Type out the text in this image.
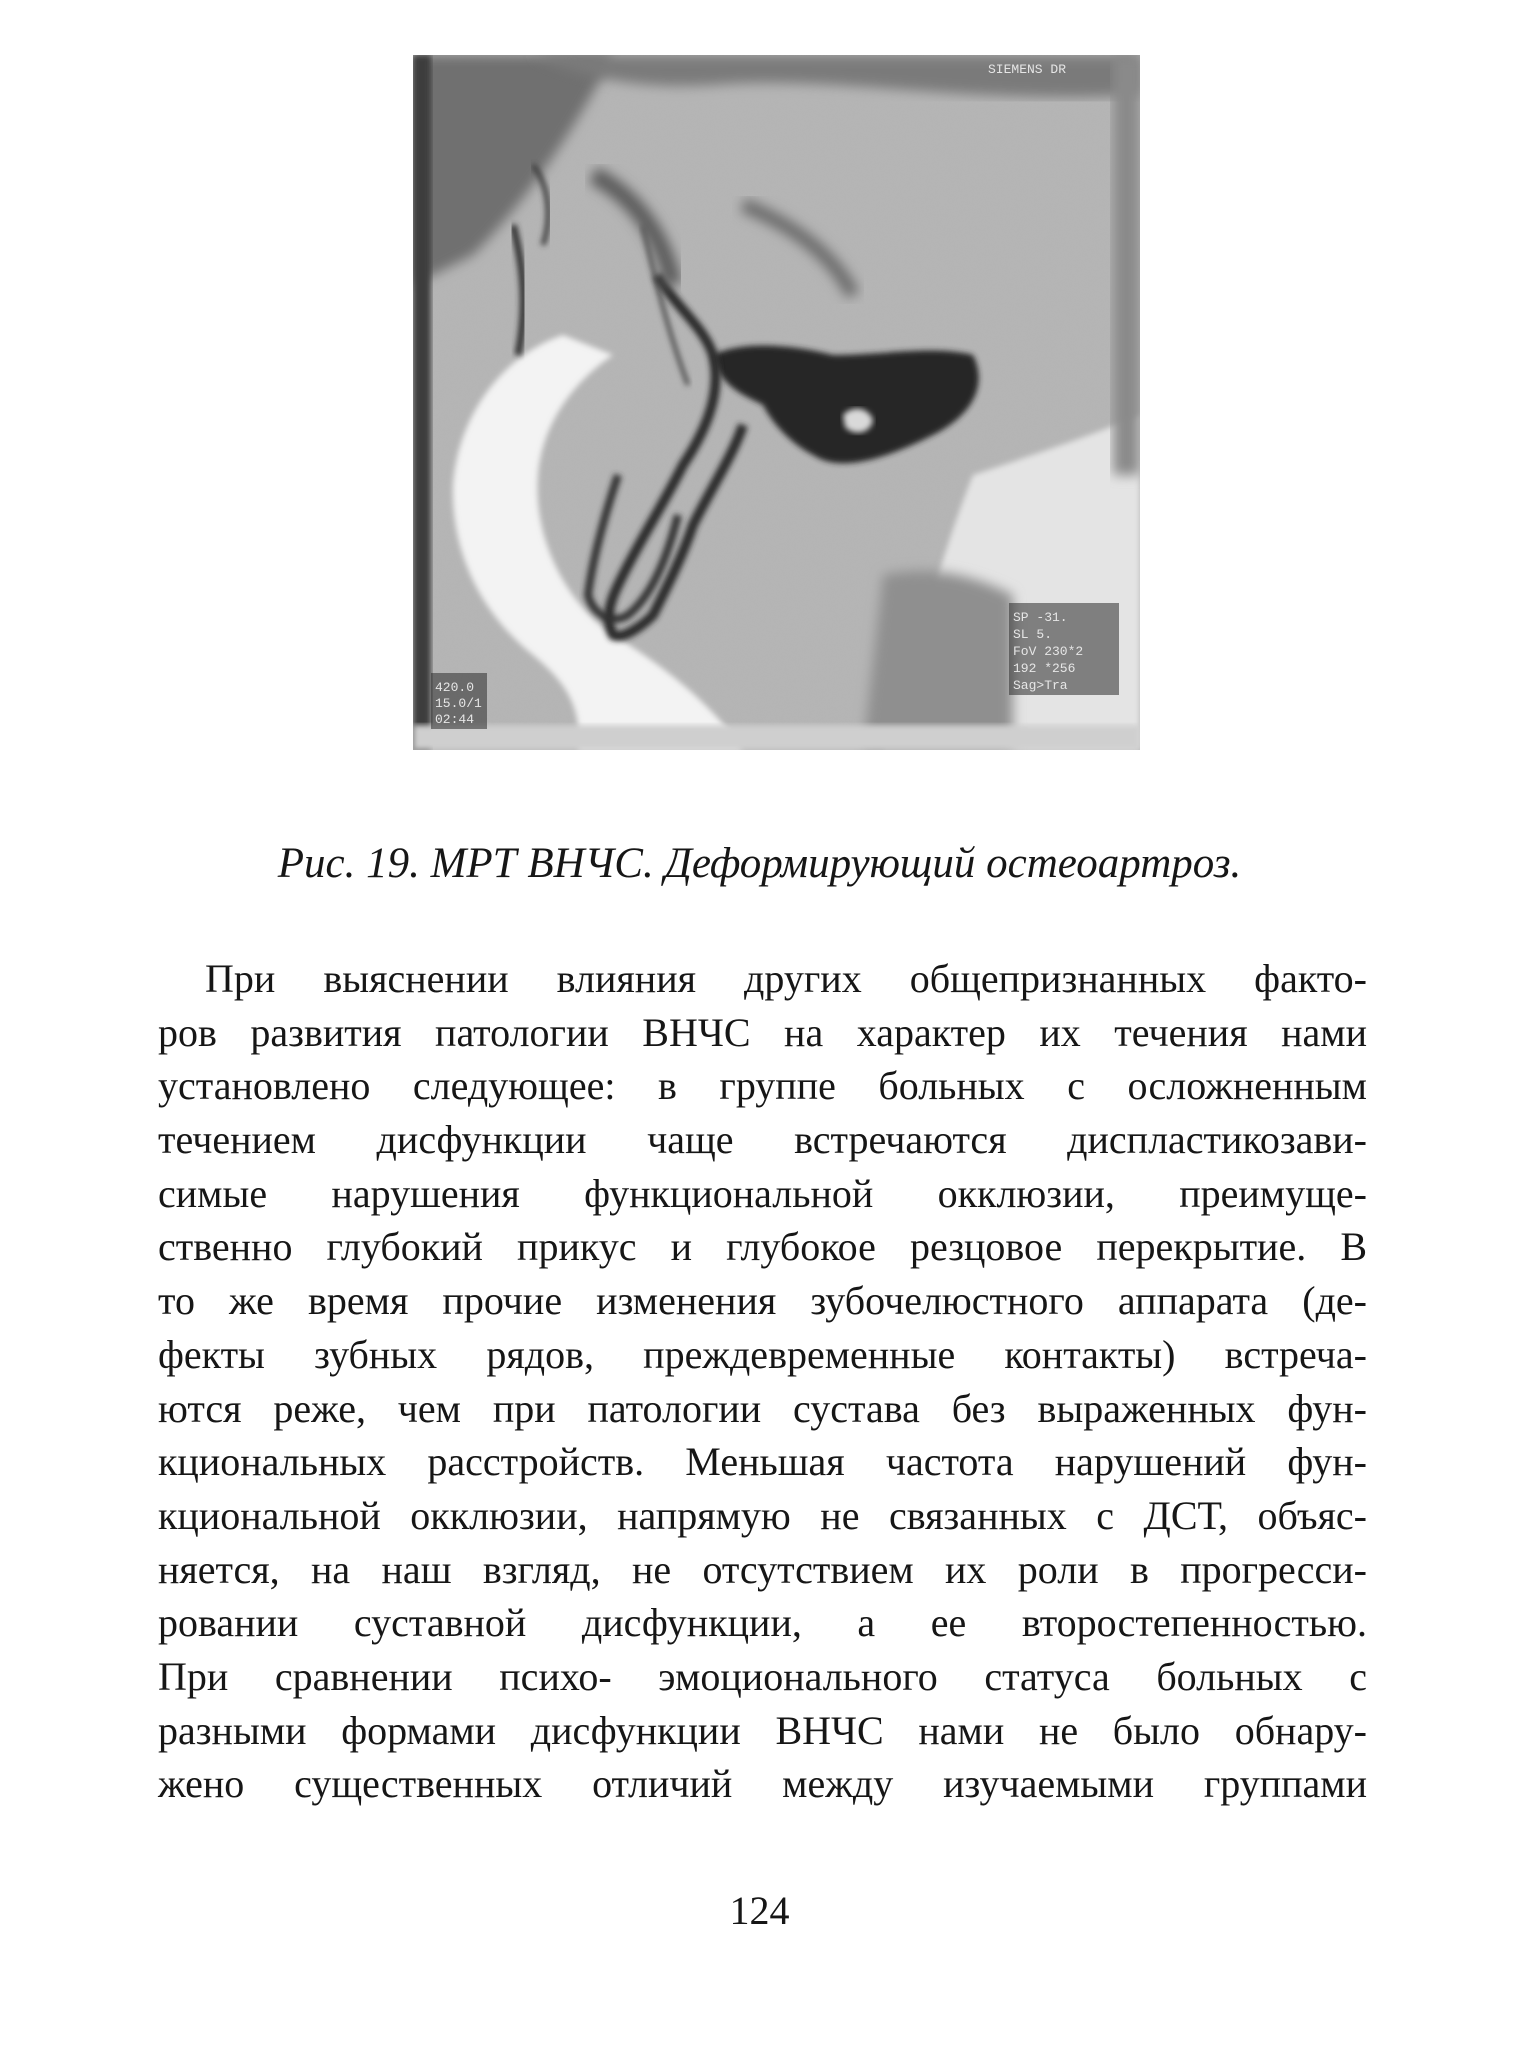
SIEMENS DR
SP -31.
SL 5.
FoV 230*2
192 *256
Sag>Tra
420.0
15.0/1
02:44
Рис. 19. МРТ ВНЧС. Деформирующий остеоартроз.
При выяснении влияния других общепризнанных факто-
ров развития патологии ВНЧС на характер их течения нами
установлено следующее: в группе больных с осложненным
течением дисфункции чаще встречаются диспластикозави-
симые нарушения функциональной окклюзии, преимуще-
ственно глубокий прикус и глубокое резцовое перекрытие. В
то же время прочие изменения зубочелюстного аппарата (де-
фекты зубных рядов, преждевременные контакты) встреча-
ются реже, чем при патологии сустава без выраженных фун-
кциональных расстройств. Меньшая частота нарушений фун-
кциональной окклюзии, напрямую не связанных с ДСТ, объяс-
няется, на наш взгляд, не отсутствием их роли в прогресси-
ровании суставной дисфункции, а ее второстепенностью.
При сравнении психо- эмоционального статуса больных с
разными формами дисфункции ВНЧС нами не было обнару-
жено существенных отличий между изучаемыми группами
124
